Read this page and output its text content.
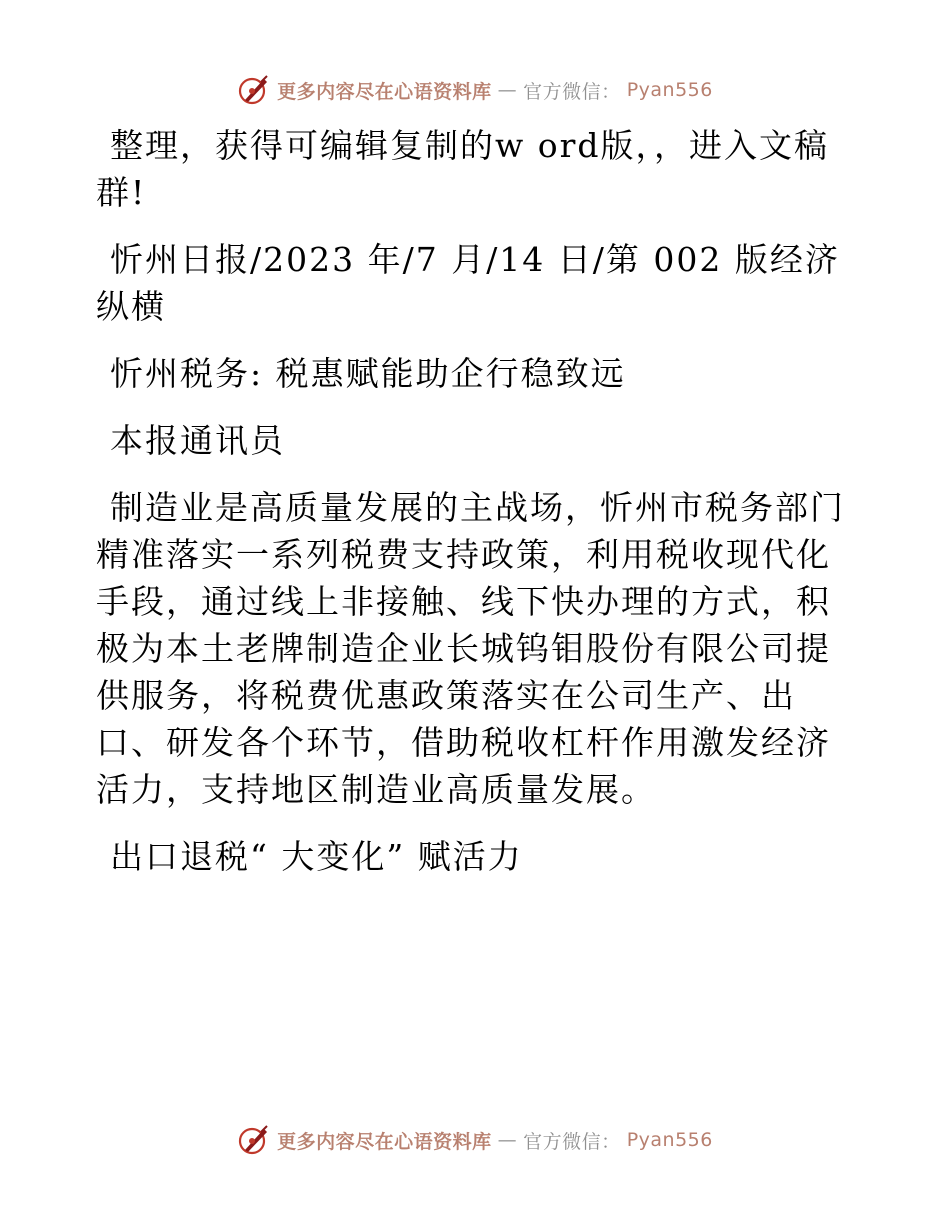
更多内容尽在心语资料库 — 官方微信： Pyan556

整理，获得可编辑复制的w ord版，，进入文稿群!

忻州日报/2023 年/7 月/14 日/第 002 版经济纵横

忻州税务: 税惠赋能助企行稳致远

本报通讯员

制造业是高质量发展的主战场，忻州市税务部门精准落实一系列税费支持政策，利用税收现代化手段，通过线上非接触、线下快办理的方式，积极为本土老牌制造企业长城钨钼股份有限公司提供服务，将税费优惠政策落实在公司生产、出口、研发各个环节，借助税收杠杆作用激发经济活力，支持地区制造业高质量发展。

出口退税“ 大变化” 赋活力

更多内容尽在心语资料库 — 官方微信： Pyan556
